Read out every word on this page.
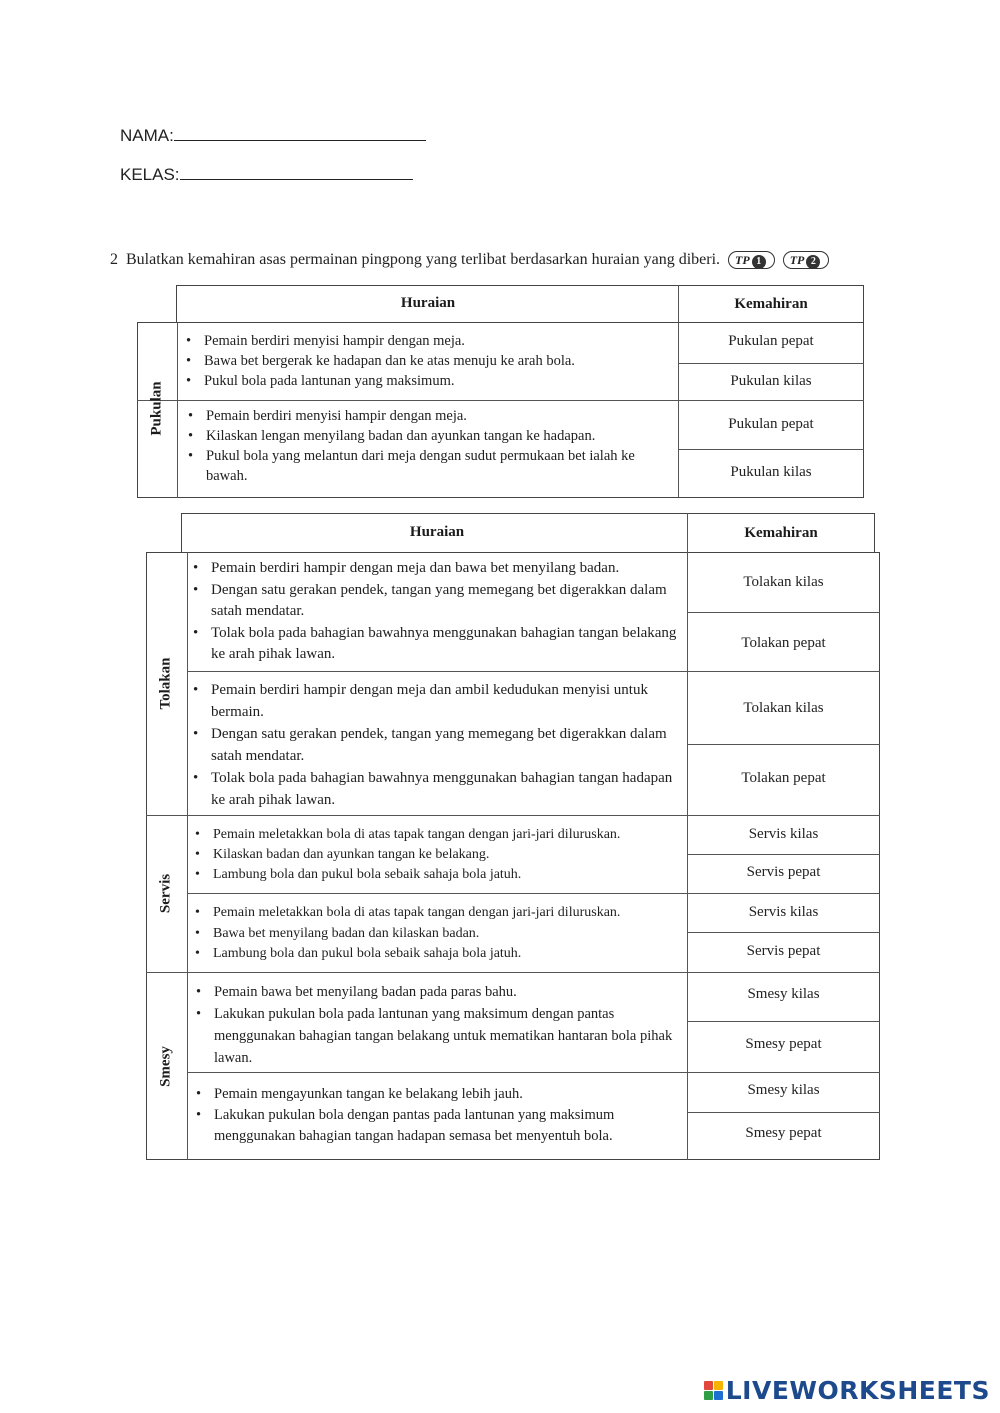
NAMA:
KELAS:
2 Bulatkan kemahiran asas permainan pingpong yang terlibat berdasarkan huraian yang diberi. TP 1 TP 2
Huraian	Kemahiran
Pukulan
• Pemain berdiri menyisi hampir dengan meja.
• Bawa bet bergerak ke hadapan dan ke atas menuju ke arah bola.
• Pukul bola pada lantunan yang maksimum.
• Pemain berdiri menyisi hampir dengan meja.
• Kilaskan lengan menyilang badan dan ayunkan tangan ke hadapan.
• Pukul bola yang melantun dari meja dengan sudut permukaan bet ialah ke bawah.
Pukulan pepat
Pukulan kilas
Pukulan pepat
Pukulan kilas
Huraian	Kemahiran
Tolakan
Servis
Smesy
• Pemain berdiri hampir dengan meja dan bawa bet menyilang badan.
• Dengan satu gerakan pendek, tangan yang memegang bet digerakkan dalam satah mendatar.
• Tolak bola pada bahagian bawahnya menggunakan bahagian tangan belakang ke arah pihak lawan.
• Pemain berdiri hampir dengan meja dan ambil kedudukan menyisi untuk bermain.
• Dengan satu gerakan pendek, tangan yang memegang bet digerakkan dalam satah mendatar.
• Tolak bola pada bahagian bawahnya menggunakan bahagian tangan hadapan ke arah pihak lawan.
Tolakan kilas
Tolakan pepat
Tolakan kilas
Tolakan pepat
• Pemain meletakkan bola di atas tapak tangan dengan jari-jari diluruskan.
• Kilaskan badan dan ayunkan tangan ke belakang.
• Lambung bola dan pukul bola sebaik sahaja bola jatuh.
• Pemain meletakkan bola di atas tapak tangan dengan jari-jari diluruskan.
• Bawa bet menyilang badan dan kilaskan badan.
• Lambung bola dan pukul bola sebaik sahaja bola jatuh.
Servis kilas
Servis pepat
Servis kilas
Servis pepat
• Pemain bawa bet menyilang badan pada paras bahu.
• Lakukan pukulan bola pada lantunan yang maksimum dengan pantas menggunakan bahagian tangan belakang untuk mematikan hantaran bola pihak lawan.
• Pemain mengayunkan tangan ke belakang lebih jauh.
• Lakukan pukulan bola dengan pantas pada lantunan yang maksimum menggunakan bahagian tangan hadapan semasa bet menyentuh bola.
Smesy kilas
Smesy pepat
Smesy kilas
Smesy pepat
LIVEWORKSHEETS
